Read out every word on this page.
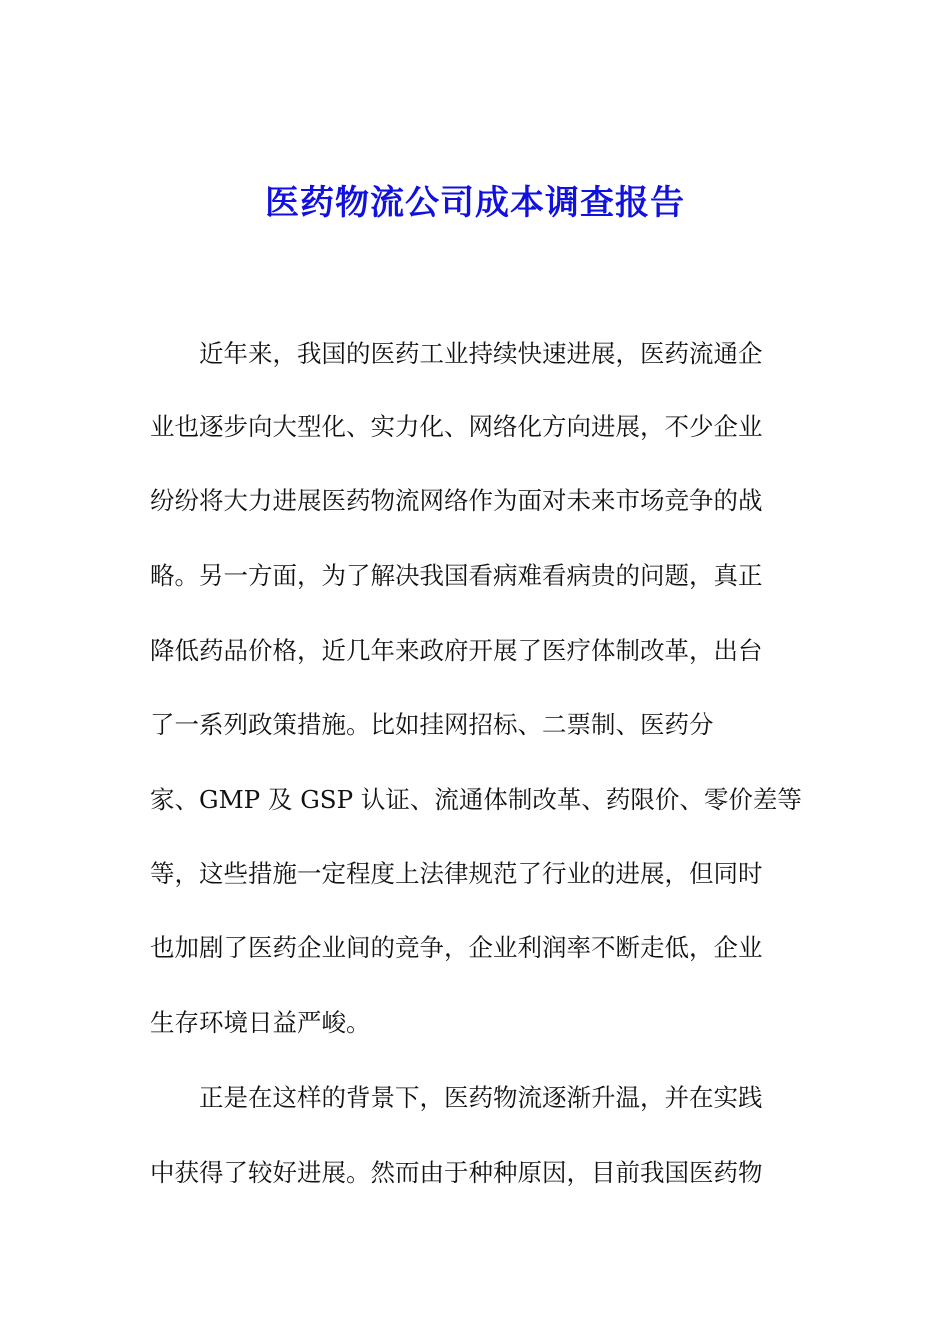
医药物流公司成本调查报告
　　近年来，我国的医药工业持续快速进展，医药流通企
业也逐步向大型化、实力化、网络化方向进展，不少企业
纷纷将大力进展医药物流网络作为面对未来市场竞争的战
略。另一方面，为了解决我国看病难看病贵的问题，真正
降低药品价格，近几年来政府开展了医疗体制改革，出台
了一系列政策措施。比如挂网招标、二票制、医药分
家、GMP 及 GSP 认证、流通体制改革、药限价、零价差等
等，这些措施一定程度上法律规范了行业的进展，但同时
也加剧了医药企业间的竞争，企业利润率不断走低，企业
生存环境日益严峻。
　　正是在这样的背景下，医药物流逐渐升温，并在实践
中获得了较好进展。然而由于种种原因，目前我国医药物
